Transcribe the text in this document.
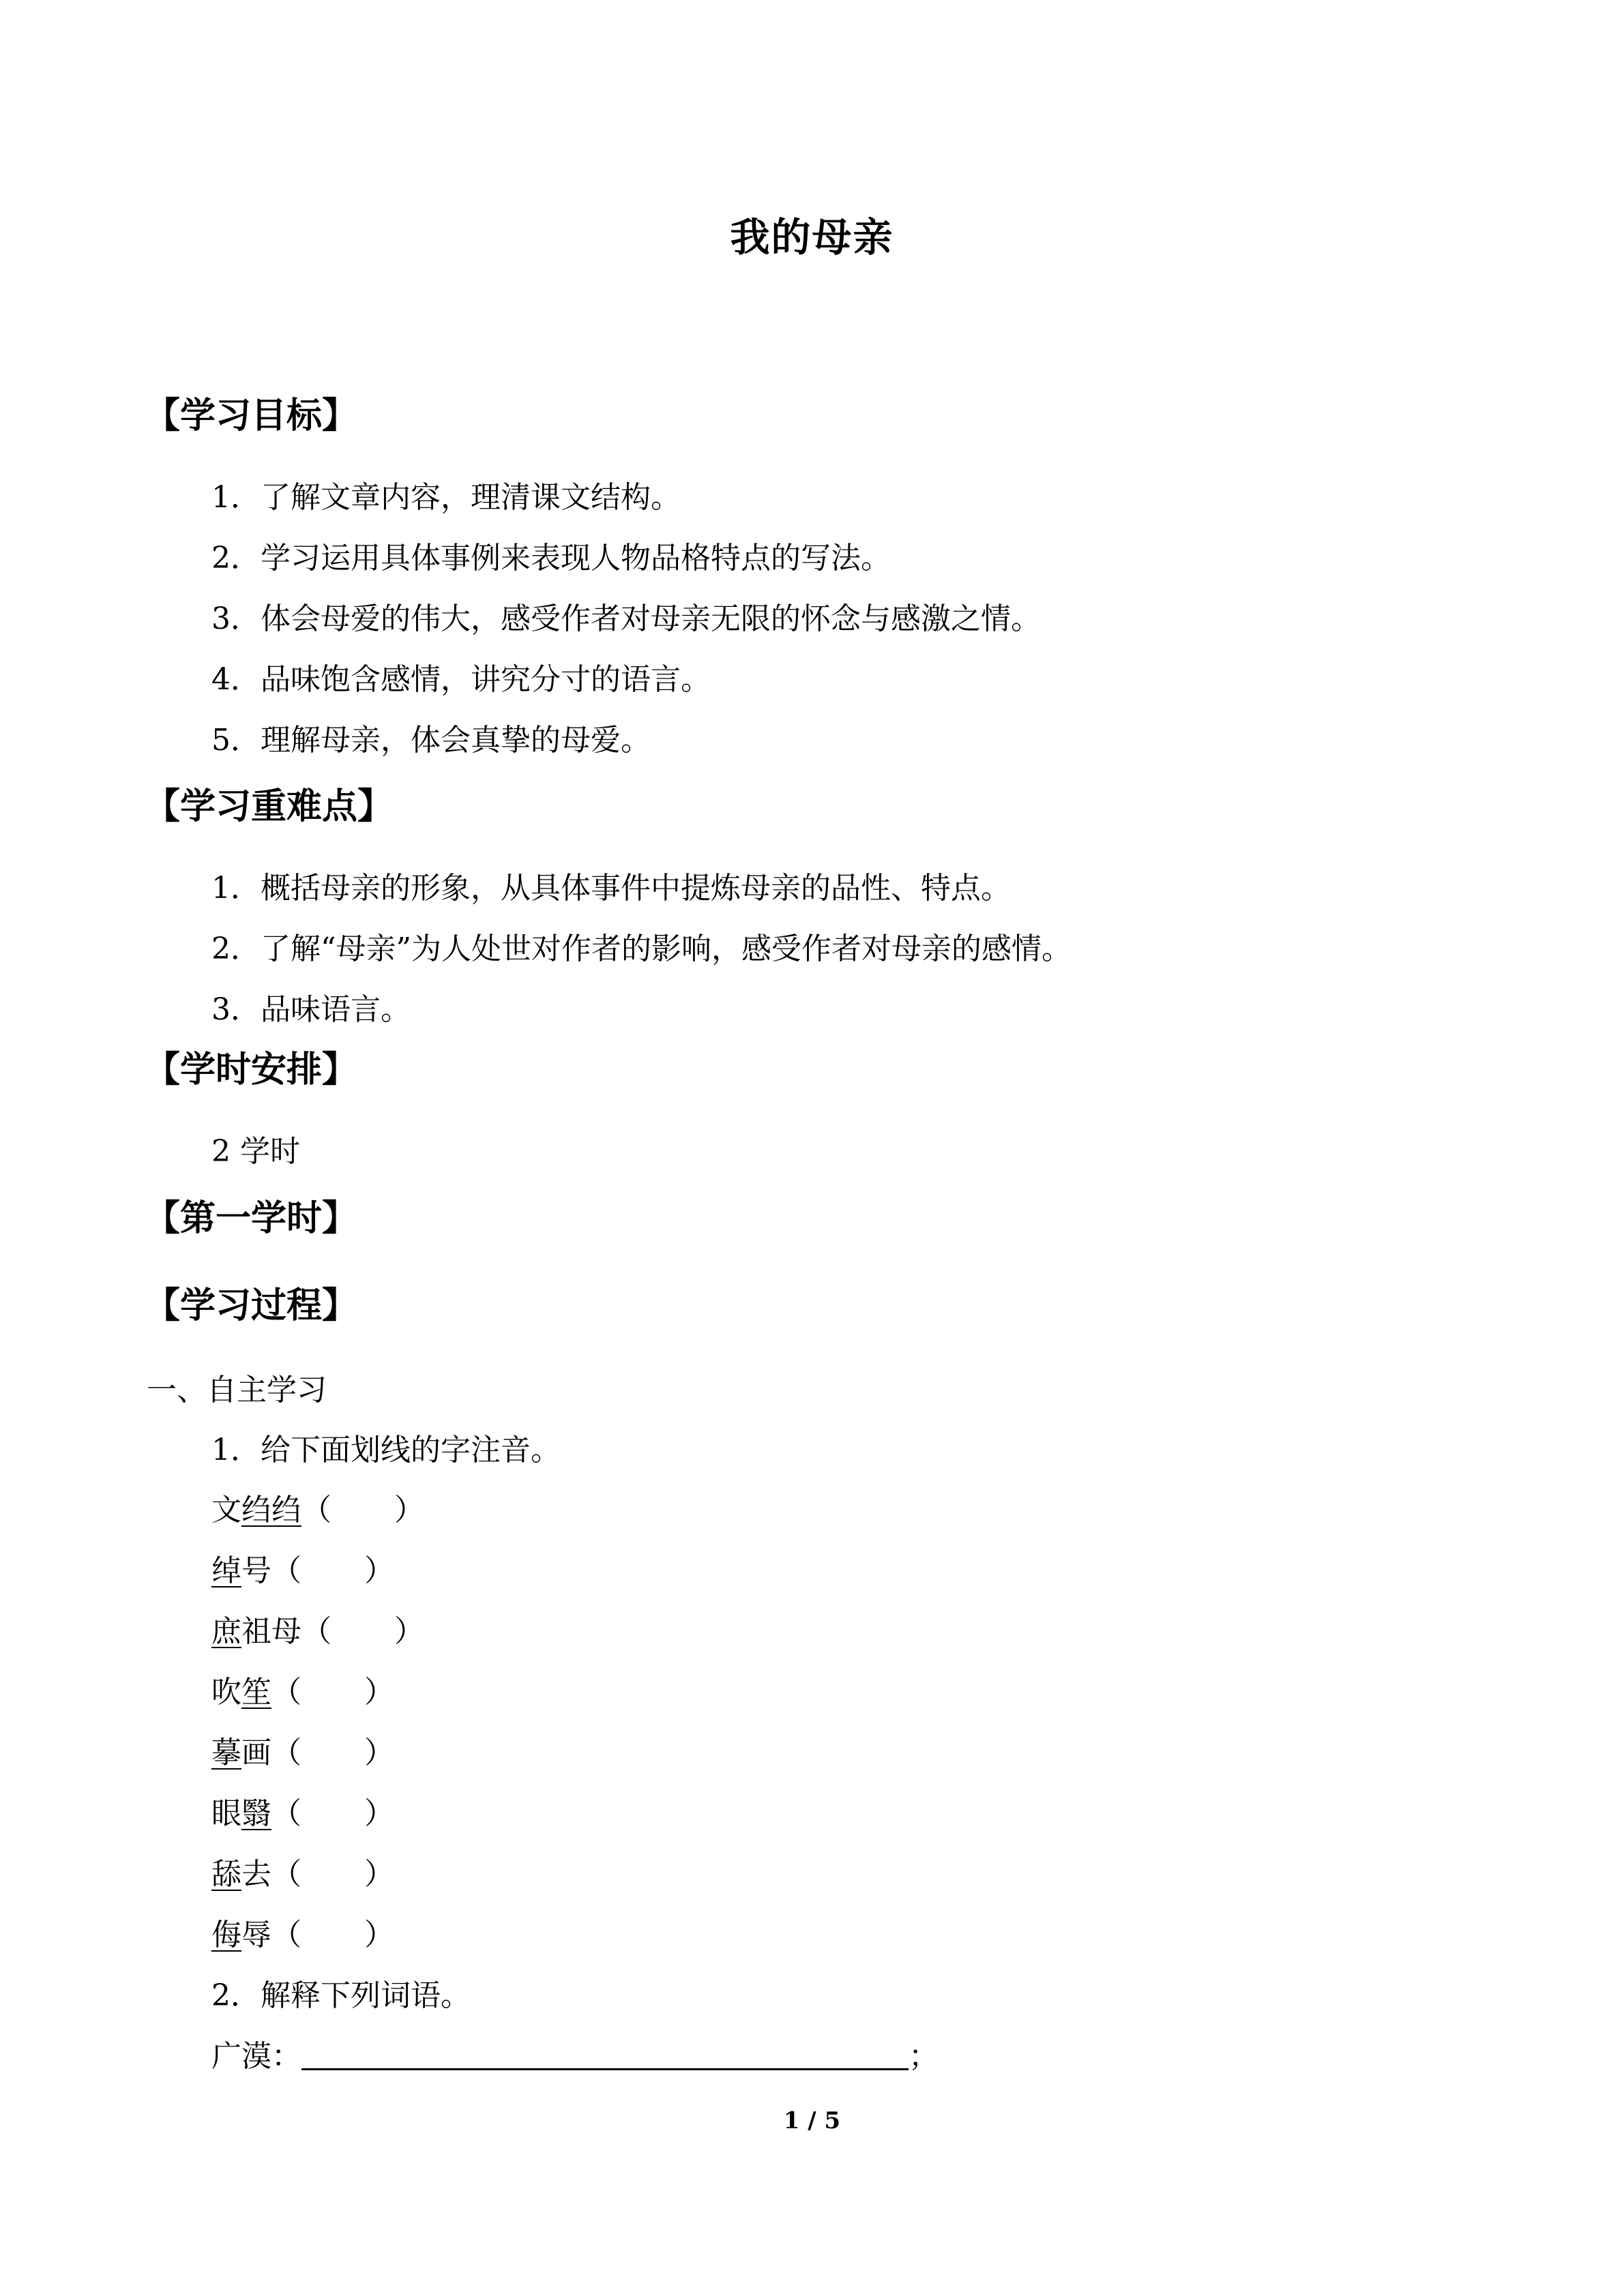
我的母亲
【学习目标】
1．了解文章内容，理清课文结构。
2．学习运用具体事例来表现人物品格特点的写法。
3．体会母爱的伟大，感受作者对母亲无限的怀念与感激之情。
4．品味饱含感情，讲究分寸的语言。
5．理解母亲，体会真挚的母爱。
【学习重难点】
1．概括母亲的形象，从具体事件中提炼母亲的品性、特点。
2．了解“母亲”为人处世对作者的影响，感受作者对母亲的感情。
3．品味语言。
【学时安排】
2 学时
【第一学时】
【学习过程】
一、自主学习
1．给下面划线的字注音。
文绉绉（ ）
绰号（ ）
庶祖母（ ）
吹笙（ ）
摹画（ ）
眼翳（ ）
舔去（ ）
侮辱（ ）
2．解释下列词语。
广漠：	；
1 / 5
